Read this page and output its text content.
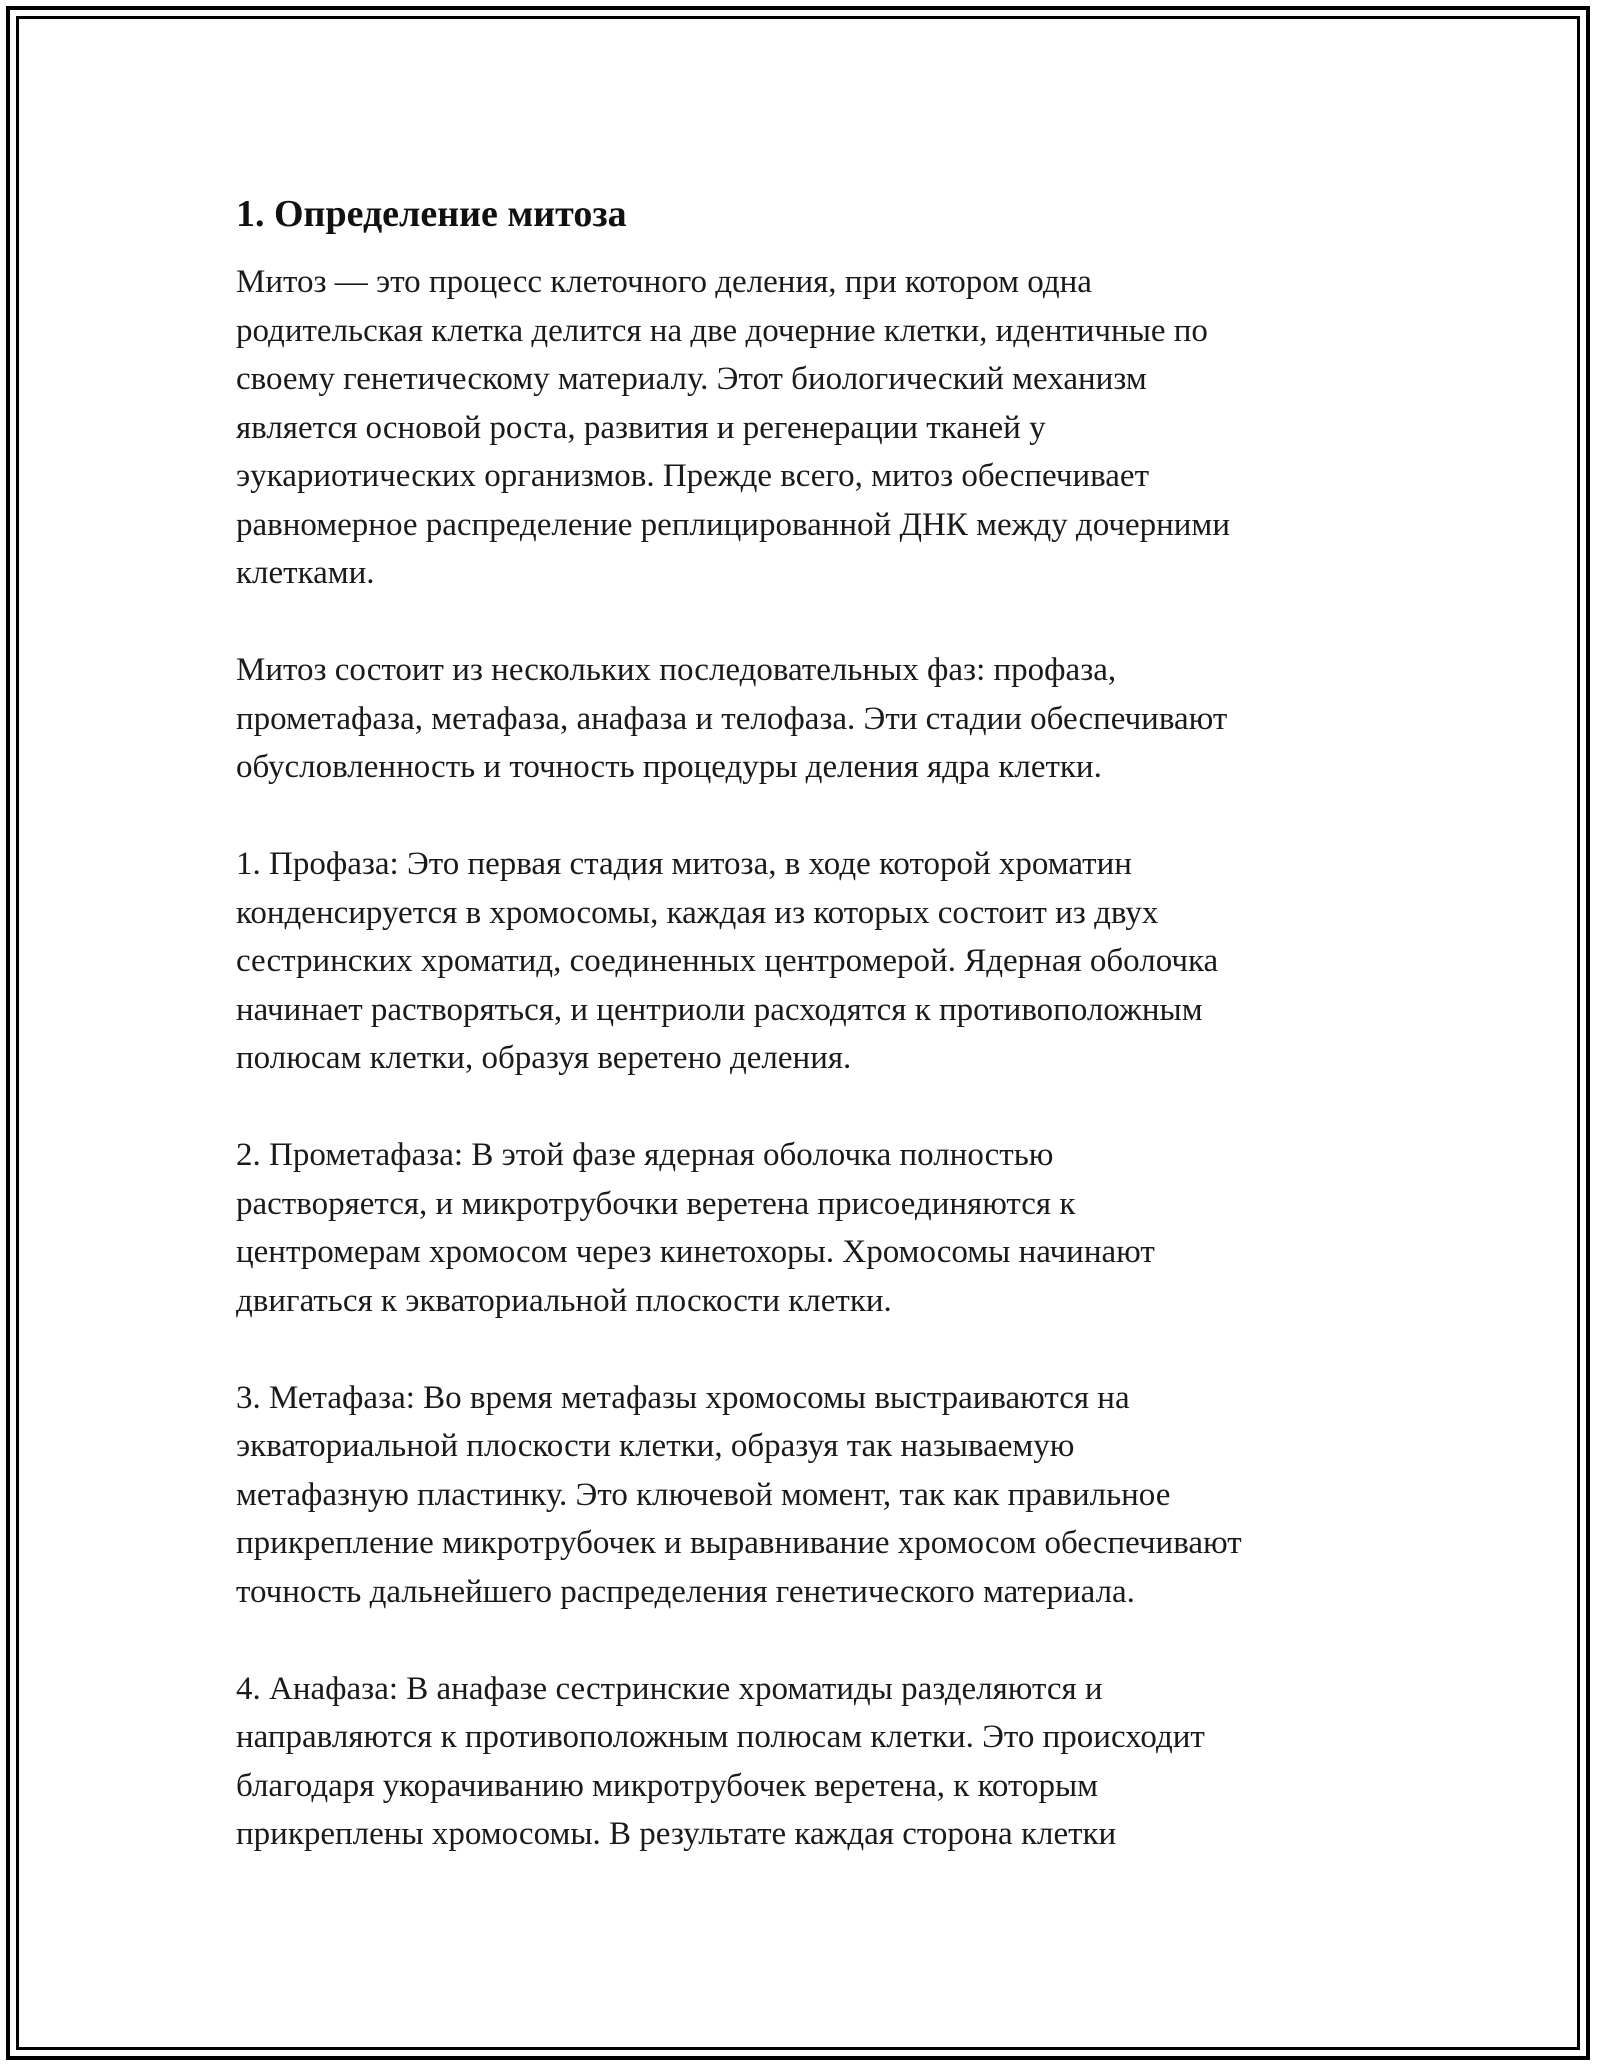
1. Определение митоза

Митоз — это процесс клеточного деления, при котором одна
родительская клетка делится на две дочерние клетки, идентичные по
своему генетическому материалу. Этот биологический механизм
является основой роста, развития и регенерации тканей у
эукариотических организмов. Прежде всего, митоз обеспечивает
равномерное распределение реплицированной ДНК между дочерними
клетками.

Митоз состоит из нескольких последовательных фаз: профаза,
прометафаза, метафаза, анафаза и телофаза. Эти стадии обеспечивают
обусловленность и точность процедуры деления ядра клетки.

1. Профаза: Это первая стадия митоза, в ходе которой хроматин
конденсируется в хромосомы, каждая из которых состоит из двух
сестринских хроматид, соединенных центромерой. Ядерная оболочка
начинает растворяться, и центриоли расходятся к противоположным
полюсам клетки, образуя веретено деления.

2. Прометафаза: В этой фазе ядерная оболочка полностью
растворяется, и микротрубочки веретена присоединяются к
центромерам хромосом через кинетохоры. Хромосомы начинают
двигаться к экваториальной плоскости клетки.

3. Метафаза: Во время метафазы хромосомы выстраиваются на
экваториальной плоскости клетки, образуя так называемую
метафазную пластинку. Это ключевой момент, так как правильное
прикрепление микротрубочек и выравнивание хромосом обеспечивают
точность дальнейшего распределения генетического материала.

4. Анафаза: В анафазе сестринские хроматиды разделяются и
направляются к противоположным полюсам клетки. Это происходит
благодаря укорачиванию микротрубочек веретена, к которым
прикреплены хромосомы. В результате каждая сторона клетки
